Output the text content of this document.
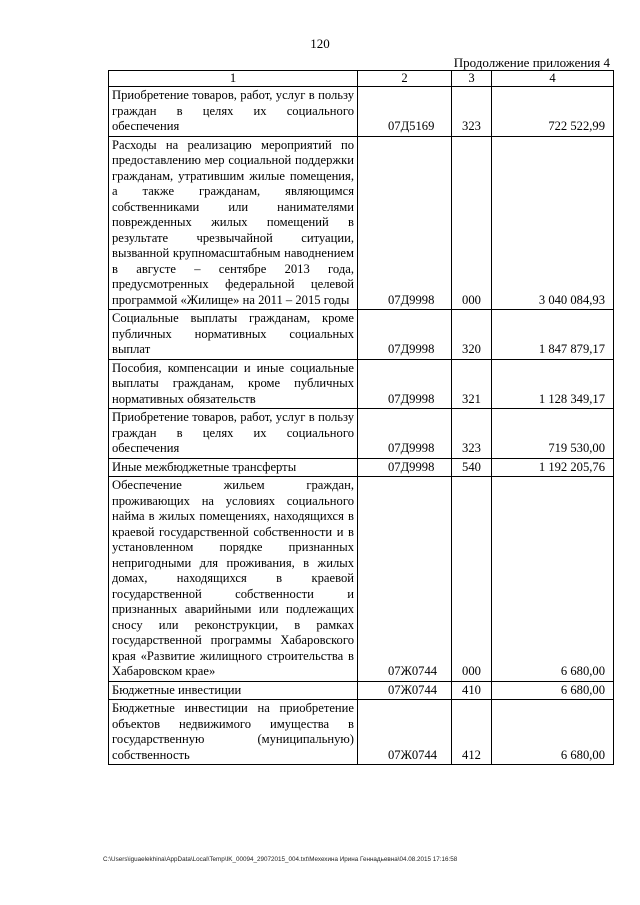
120
Продолжение приложения 4
1	2	3	4
Приобретение товаров, работ, услуг в пользу граждан в целях их социального обеспечения	07Д5169	323	722 522,99
Расходы на реализацию мероприятий по предоставлению мер социальной поддержки гражданам, утратившим жилые помещения, а также гражданам, являющимся собственниками или нанимателями поврежденных жилых помещений в результате чрезвычайной ситуации, вызванной крупномасштабным наводнением в августе – сентябре 2013 года, предусмотренных федеральной целевой программой «Жилище» на 2011 – 2015 годы	07Д9998	000	3 040 084,93
Социальные выплаты гражданам, кроме публичных нормативных социальных выплат	07Д9998	320	1 847 879,17
Пособия, компенсации и иные социальные выплаты гражданам, кроме публичных нормативных обязательств	07Д9998	321	1 128 349,17
Приобретение товаров, работ, услуг в пользу граждан в целях их социального обеспечения	07Д9998	323	719 530,00
Иные межбюджетные трансферты	07Д9998	540	1 192 205,76
Обеспечение жильем граждан, проживающих на условиях социального найма в жилых помещениях, находящихся в краевой государственной собственности и в установленном порядке признанных непригодными для проживания, в жилых домах, находящихся в краевой государственной собственности и признанных аварийными или подлежащих сносу или реконструкции, в рамках государственной программы Хабаровского края «Развитие жилищного строительства в Хабаровском крае»	07Ж0744	000	6 680,00
Бюджетные инвестиции	07Ж0744	410	6 680,00
Бюджетные инвестиции на приобретение объектов недвижимого имущества в государственную (муниципальную) собственность	07Ж0744	412	6 680,00
C:\Users\iguaelekhina\AppData\Local\Temp\IK_00094_29072015_004.txt\Мехехина Ирина Геннадьевна\04.08.2015 17:16:58
